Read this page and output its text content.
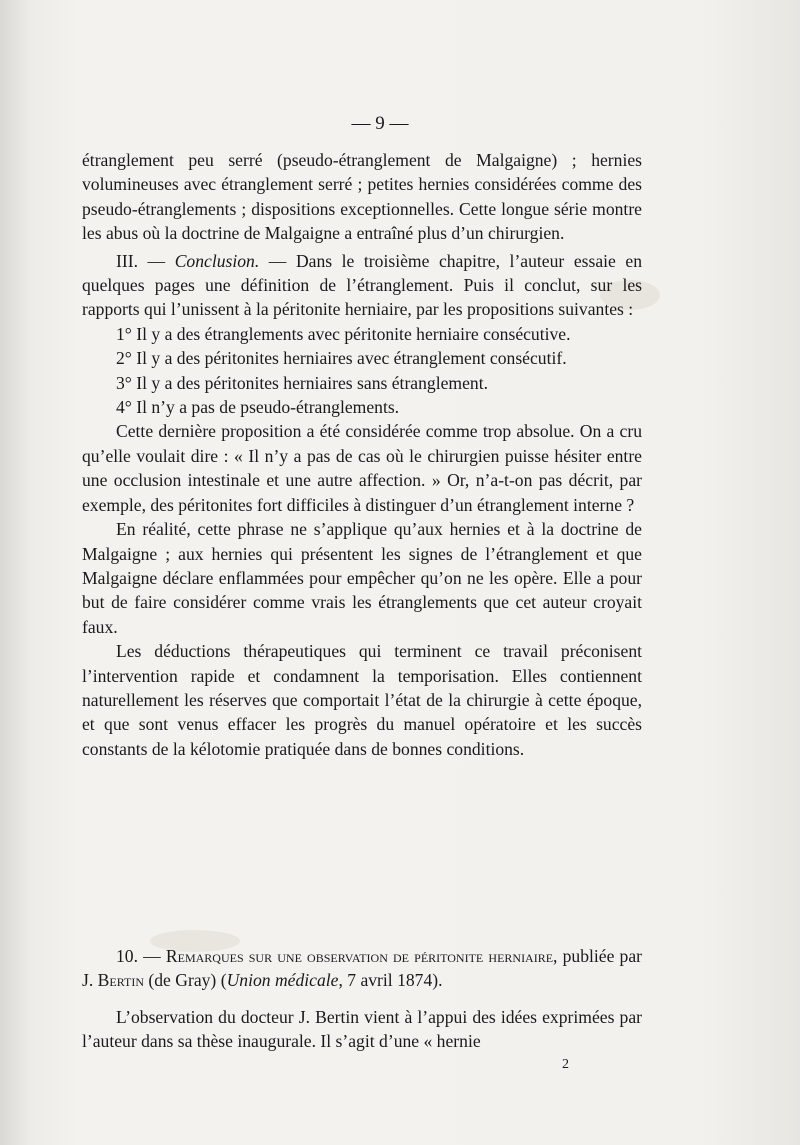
— 9 —

étranglement peu serré (pseudo-étranglement de Malgaigne) ; hernies volumineuses avec étranglement serré ; petites hernies considérées comme des pseudo-étranglements ; dispositions exceptionnelles. Cette longue série montre les abus où la doctrine de Malgaigne a entraîné plus d’un chirurgien.

III. — Conclusion. — Dans le troisième chapitre, l’auteur essaie en quelques pages une définition de l’étranglement. Puis il conclut, sur les rapports qui l’unissent à la péritonite herniaire, par les propositions suivantes :

1° Il y a des étranglements avec péritonite herniaire consécutive.

2° Il y a des péritonites herniaires avec étranglement consécutif.

3° Il y a des péritonites herniaires sans étranglement.

4° Il n’y a pas de pseudo-étranglements.

Cette dernière proposition a été considérée comme trop absolue. On a cru qu’elle voulait dire : « Il n’y a pas de cas où le chirurgien puisse hésiter entre une occlusion intestinale et une autre affection. » Or, n’a-t-on pas décrit, par exemple, des péritonites fort difficiles à distinguer d’un étranglement interne ?

En réalité, cette phrase ne s’applique qu’aux hernies et à la doctrine de Malgaigne ; aux hernies qui présentent les signes de l’étranglement et que Malgaigne déclare enflammées pour empêcher qu’on ne les opère. Elle a pour but de faire considérer comme vrais les étranglements que cet auteur croyait faux.

Les déductions thérapeutiques qui terminent ce travail préconisent l’intervention rapide et condamnent la temporisation. Elles contiennent naturellement les réserves que comportait l’état de la chirurgie à cette époque, et que sont venus effacer les progrès du manuel opératoire et les succès constants de la kélotomie pratiquée dans de bonnes conditions.

10. — Remarques sur une observation de péritonite herniaire, publiée par J. Bertin (de Gray) (Union médicale, 7 avril 1874).

L’observation du docteur J. Bertin vient à l’appui des idées exprimées par l’auteur dans sa thèse inaugurale. Il s’agit d’une « hernie

2
